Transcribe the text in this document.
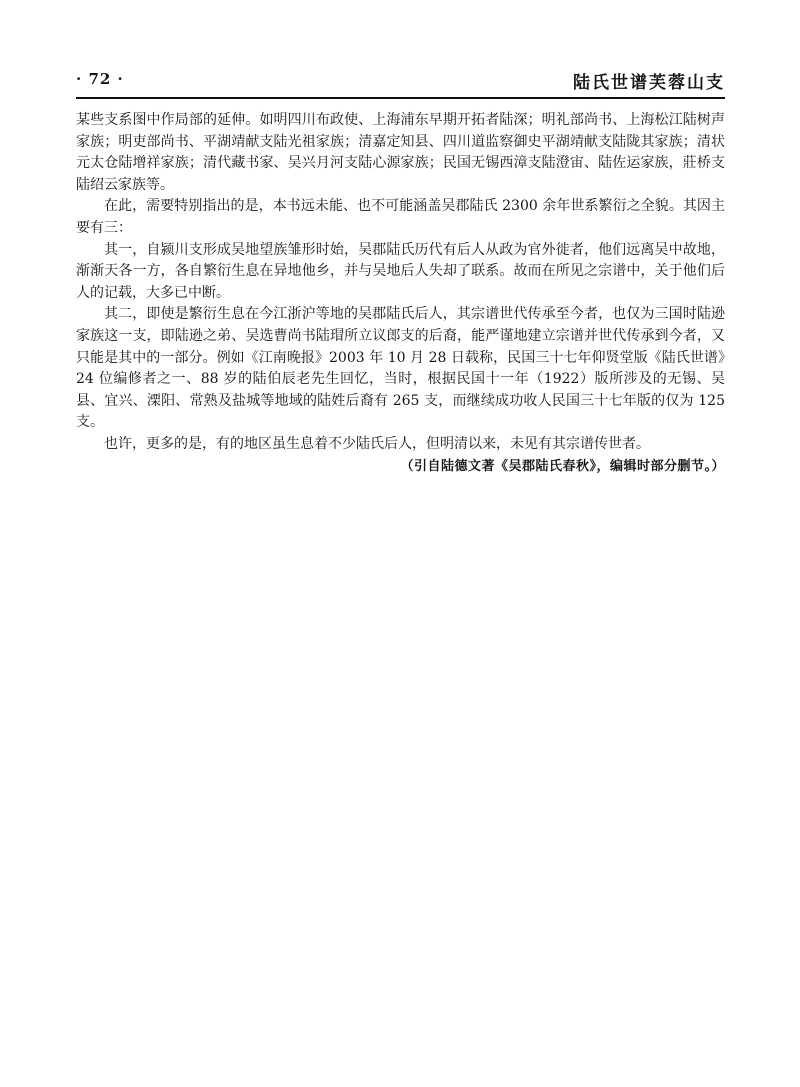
· 72 ·	陆氏世谱芙蓉山支

某些支系图中作局部的延伸。如明四川布政使、上海浦东早期开拓者陆深；明礼部尚书、上海松江陆树声家族；明吏部尚书、平湖靖献支陆光祖家族；清嘉定知县、四川道监察御史平湖靖献支陆陇其家族；清状元太仓陆增祥家族；清代藏书家、吴兴月河支陆心源家族；民国无锡西漳支陆澄宙、陆佐运家族，莊桥支陆绍云家族等。

在此，需要特别指出的是，本书远未能、也不可能涵盖吴郡陆氏 2300 余年世系繁衍之全貌。其因主要有三：

其一，自颍川支形成吴地望族雏形时始，吴郡陆氏历代有后人从政为官外徙者，他们远离吴中故地，渐渐天各一方，各自繁衍生息在异地他乡，并与吴地后人失却了联系。故而在所见之宗谱中，关于他们后人的记载，大多已中断。

其二，即使是繁衍生息在今江浙沪等地的吴郡陆氏后人，其宗谱世代传承至今者，也仅为三国时陆逊家族这一支，即陆逊之弟、吴选曹尚书陆瑁所立议郎支的后裔，能严谨地建立宗谱并世代传承到今者，又只能是其中的一部分。例如《江南晚报》2003 年 10 月 28 日载称，民国三十七年仰贤堂版《陆氏世谱》24 位编修者之一、88 岁的陆伯辰老先生回忆，当时，根据民国十一年（1922）版所涉及的无锡、吴县、宜兴、溧阳、常熟及盐城等地域的陆姓后裔有 265 支，而继续成功收人民国三十七年版的仅为 125 支。

也许，更多的是，有的地区虽生息着不少陆氏后人，但明清以来，未见有其宗谱传世者。

（引自陆德文著《吴郡陆氏春秋》，编辑时部分删节。）
